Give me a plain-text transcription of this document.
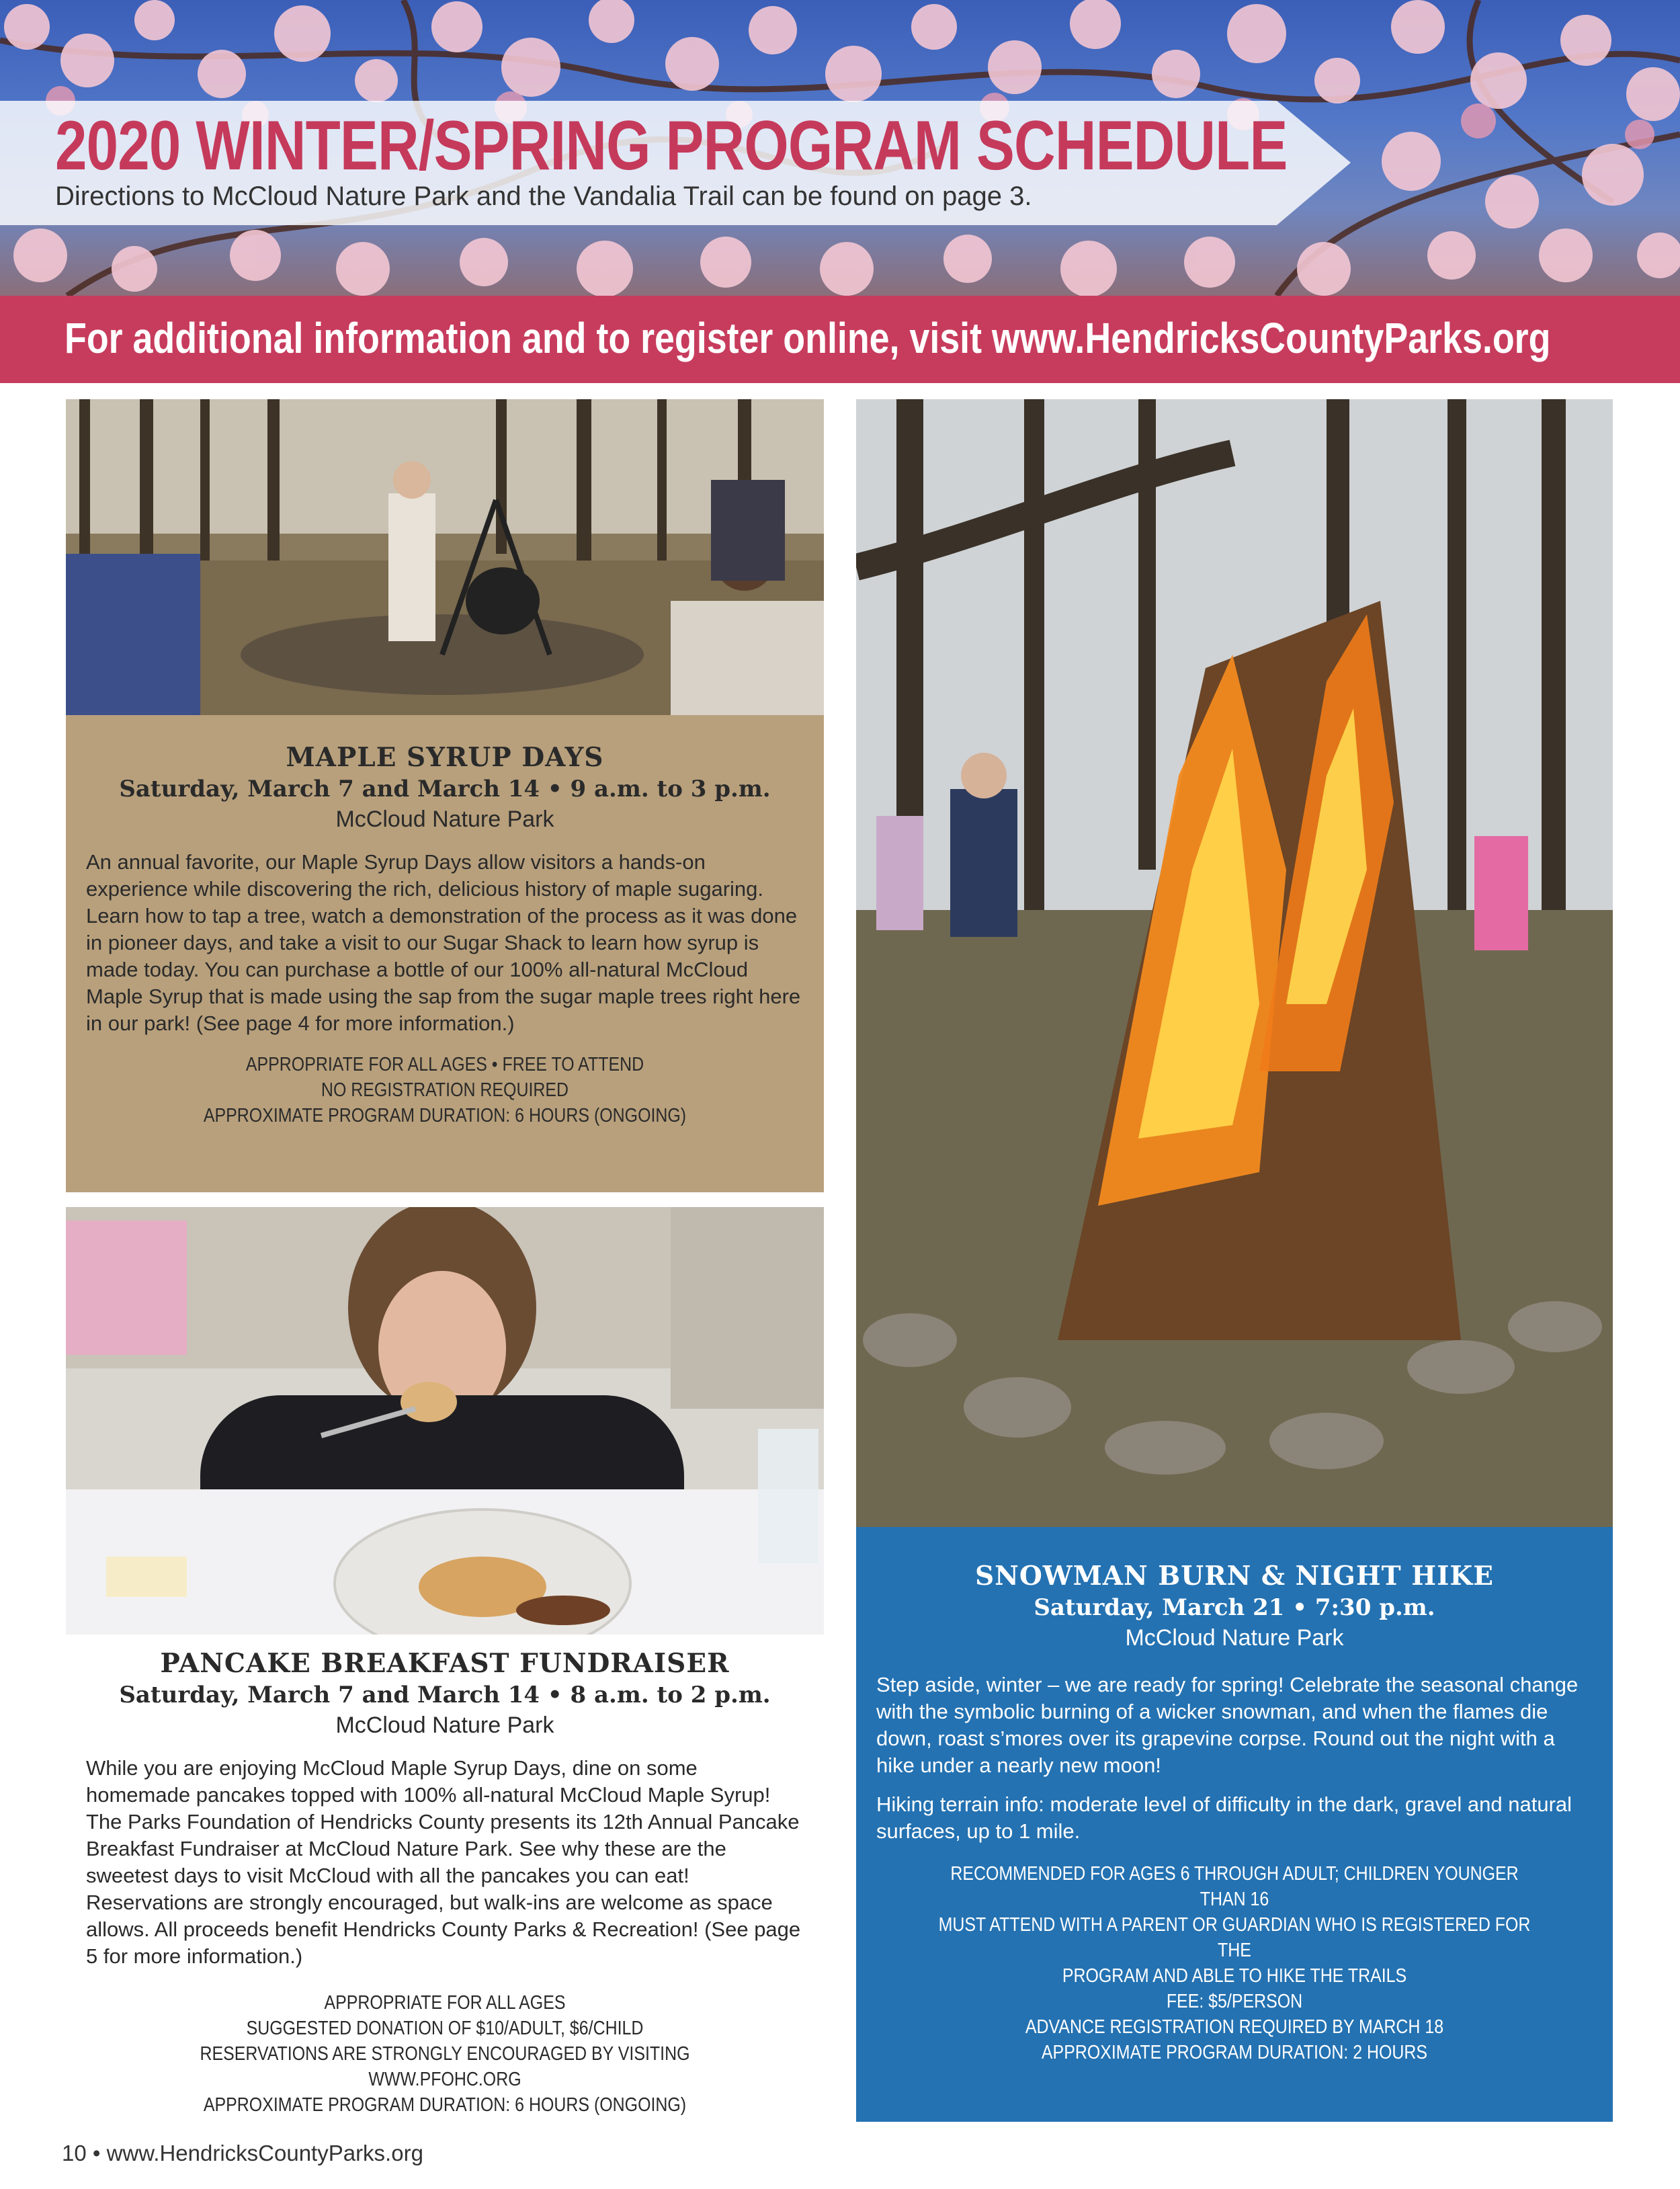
2020 WINTER/SPRING PROGRAM SCHEDULE
Directions to McCloud Nature Park and the Vandalia Trail can be found on page 3.
For additional information and to register online, visit www.HendricksCountyParks.org
MAPLE SYRUP DAYS
Saturday, March 7 and March 14 • 9 a.m. to 3 p.m.
McCloud Nature Park

An annual favorite, our Maple Syrup Days allow visitors a hands-on experience while discovering the rich, delicious history of maple sugaring. Learn how to tap a tree, watch a demonstration of the process as it was done in pioneer days, and take a visit to our Sugar Shack to learn how syrup is made today. You can purchase a bottle of our 100% all-natural McCloud Maple Syrup that is made using the sap from the sugar maple trees right here in our park! (See page 4 for more information.)

APPROPRIATE FOR ALL AGES • FREE TO ATTEND
NO REGISTRATION REQUIRED
APPROXIMATE PROGRAM DURATION: 6 HOURS (ONGOING)
PANCAKE BREAKFAST FUNDRAISER
Saturday, March 7 and March 14 • 8 a.m. to 2 p.m.
McCloud Nature Park

While you are enjoying McCloud Maple Syrup Days, dine on some homemade pancakes topped with 100% all-natural McCloud Maple Syrup! The Parks Foundation of Hendricks County presents its 12th Annual Pancake Breakfast Fundraiser at McCloud Nature Park. See why these are the sweetest days to visit McCloud with all the pancakes you can eat! Reservations are strongly encouraged, but walk-ins are welcome as space allows. All proceeds benefit Hendricks County Parks & Recreation! (See page 5 for more information.)

APPROPRIATE FOR ALL AGES
SUGGESTED DONATION OF $10/ADULT, $6/CHILD
RESERVATIONS ARE STRONGLY ENCOURAGED BY VISITING WWW.PFOHC.ORG
APPROXIMATE PROGRAM DURATION: 6 HOURS (ONGOING)
SNOWMAN BURN & NIGHT HIKE
Saturday, March 21 • 7:30 p.m.
McCloud Nature Park

Step aside, winter – we are ready for spring! Celebrate the seasonal change with the symbolic burning of a wicker snowman, and when the flames die down, roast s’mores over its grapevine corpse. Round out the night with a hike under a nearly new moon!

Hiking terrain info: moderate level of difficulty in the dark, gravel and natural surfaces, up to 1 mile.

RECOMMENDED FOR AGES 6 THROUGH ADULT; CHILDREN YOUNGER THAN 16
MUST ATTEND WITH A PARENT OR GUARDIAN WHO IS REGISTERED FOR THE
PROGRAM AND ABLE TO HIKE THE TRAILS
FEE: $5/PERSON
ADVANCE REGISTRATION REQUIRED BY MARCH 18
APPROXIMATE PROGRAM DURATION: 2 HOURS
10 • www.HendricksCountyParks.org
